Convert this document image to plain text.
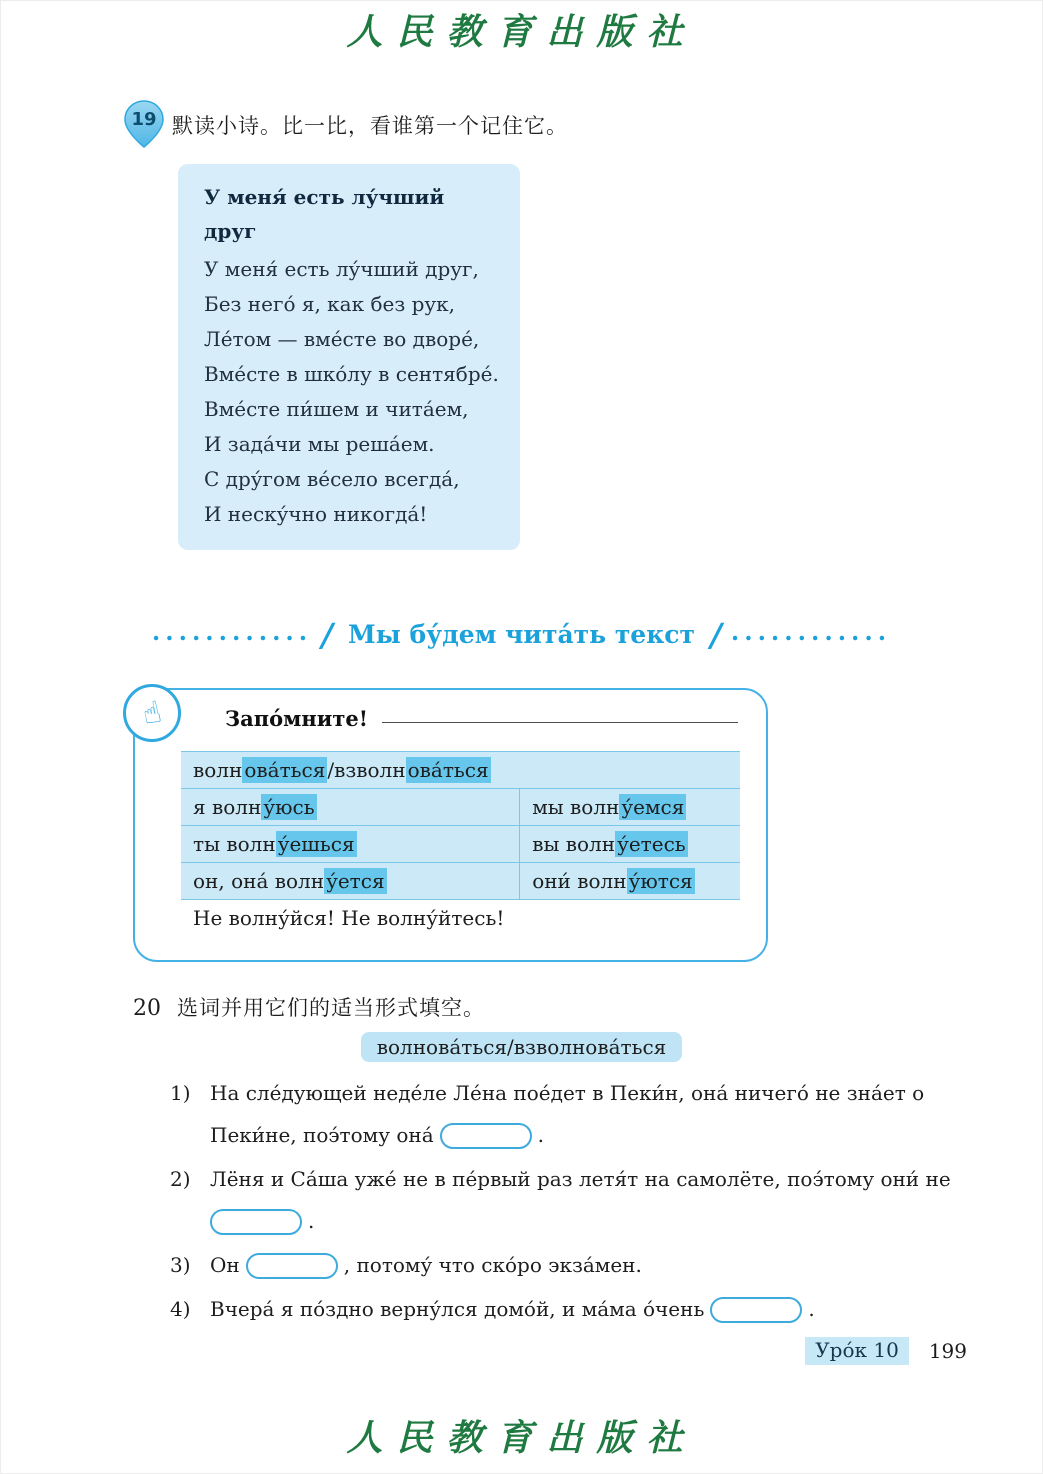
人民教育出版社
19 默读小诗。比一比，看谁第一个记住它。
У меня́ есть лу́чший друг
У меня́ есть лу́чший друг,
Без него́ я, как без рук,
Ле́том — вме́сте во дворе́,
Вме́сте в шко́лу в сентябре́.
Вме́сте пи́шем и чита́ем,
И зада́чи мы реша́ем.
С дру́гом ве́село всегда́,
И неску́чно никогда́!
............ / Мы бу́дем чита́ть текст / ............
☝	Запо́мните!
волн ова́ться /взволн ова́ться
я волн у́юсь	мы волн у́емся
ты волн у́ешься	вы волн у́етесь
он, она́ волн у́ется	они́ волн у́ются
Не волну́йся! Не волну́йтесь!
20 选词并用它们的适当形式填空。
волнова́ться/взволнова́ться
1) На сле́дующей неде́ле Ле́на пое́дет в Пеки́н, она́ ничего́ не зна́ет о Пеки́не, поэ́тому она́	.
2) Лёня и Са́ша уже́ не в пе́рвый раз летя́т на самолёте, поэ́тому они́ не
.
3) Он	, потому́ что ско́ро экза́мен.
4) Вчера́ я по́здно верну́лся домо́й, и ма́ма о́чень	.
Уро́к 10	199
人民教育出版社
